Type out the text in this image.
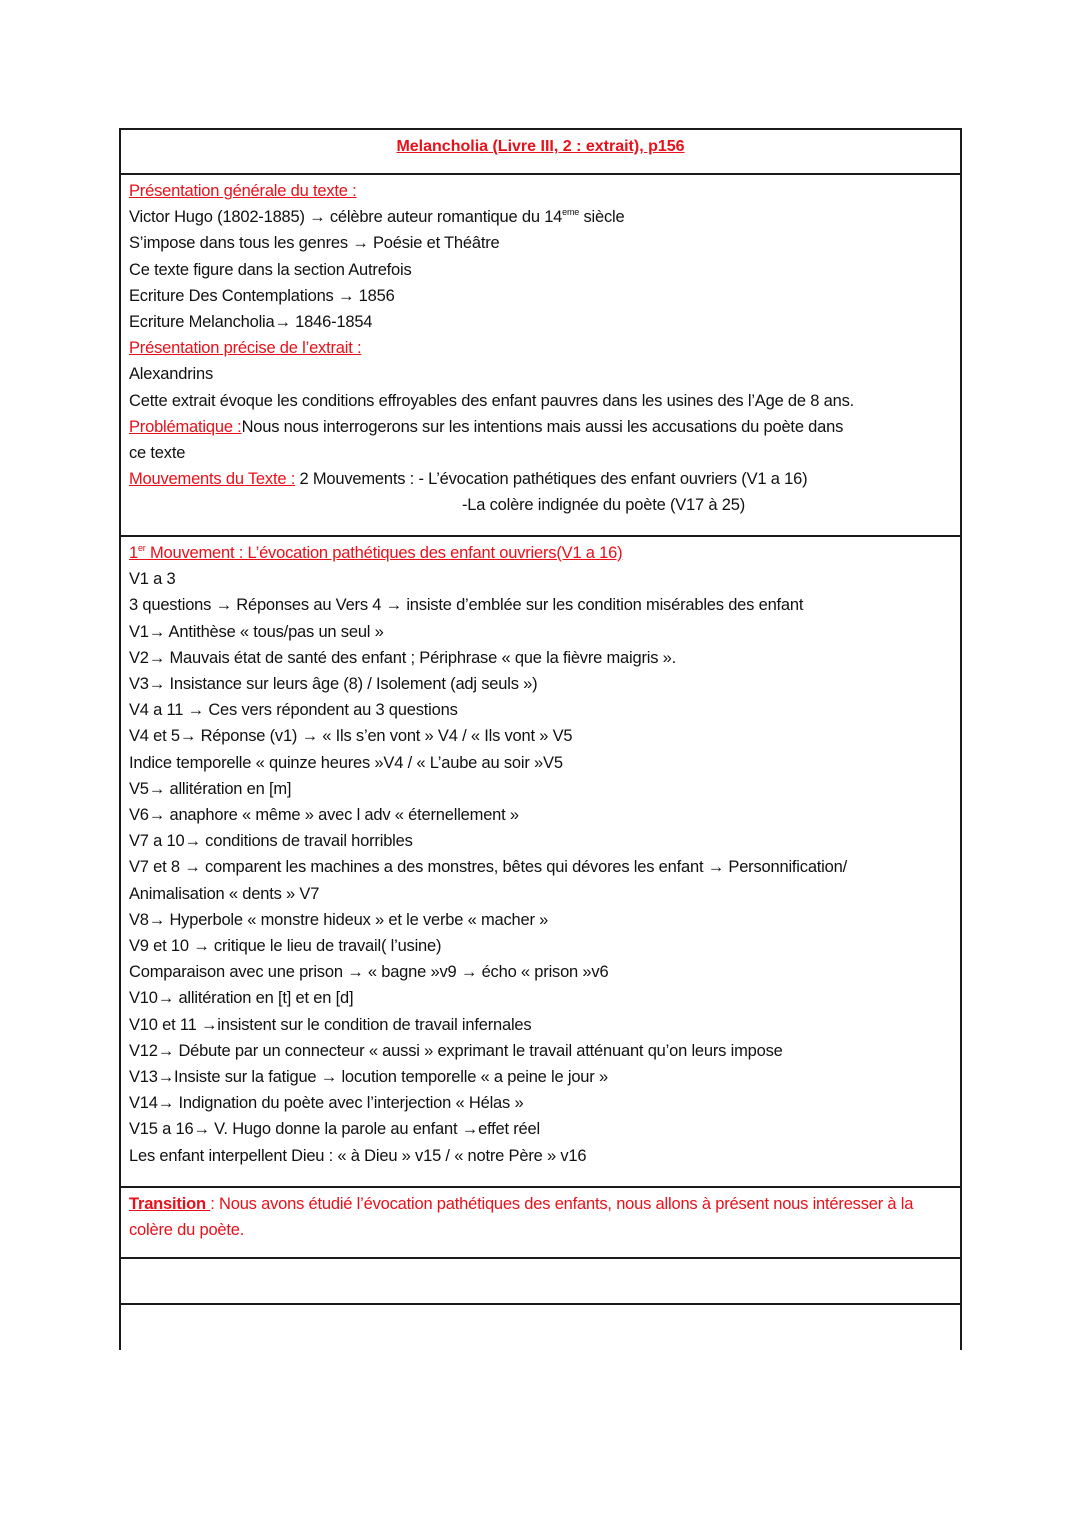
Melancholia (Livre III, 2 : extrait), p156
Présentation générale du texte :
Victor Hugo (1802-1885) → célèbre auteur romantique du 14eme siècle
S’impose dans tous les genres → Poésie et Théâtre
Ce texte figure dans la section Autrefois
Ecriture Des Contemplations → 1856
Ecriture Melancholia→ 1846-1854
Présentation précise de l’extrait :
Alexandrins
Cette extrait évoque les conditions effroyables des enfant pauvres dans les usines des l’Age de 8 ans.
Problématique :Nous nous interrogerons sur les intentions mais aussi les accusations du poète dans
ce texte
Mouvements du Texte : 2 Mouvements : - L’évocation pathétiques des enfant ouvriers (V1 a 16)
-La colère indignée du poète (V17 à 25)
1er Mouvement : L’évocation pathétiques des enfant ouvriers(V1 a 16)
V1 a 3
3 questions → Réponses au Vers 4 → insiste d’emblée sur les condition misérables des enfant
V1→ Antithèse « tous/pas un seul »
V2→ Mauvais état de santé des enfant ; Périphrase « que la fièvre maigris ».
V3→ Insistance sur leurs âge (8) / Isolement (adj seuls »)
V4 a 11 → Ces vers répondent au 3 questions
V4 et 5→ Réponse (v1) → « Ils s’en vont » V4 / « Ils vont » V5
Indice temporelle « quinze heures »V4 / « L’aube au soir »V5
V5→ allitération en [m]
V6→ anaphore « même » avec l adv « éternellement »
V7 a 10→ conditions de travail horribles
V7 et 8 → comparent les machines a des monstres, bêtes qui dévores les enfant → Personnification/
Animalisation « dents » V7
V8→ Hyperbole « monstre hideux » et le verbe « macher »
V9 et 10 → critique le lieu de travail( l’usine)
Comparaison avec une prison → « bagne »v9 → écho « prison »v6
V10→ allitération en [t] et en [d]
V10 et 11 →insistent sur le condition de travail infernales
V12→ Débute par un connecteur « aussi » exprimant le travail atténuant qu’on leurs impose
V13→Insiste sur la fatigue → locution temporelle « a peine le jour »
V14→ Indignation du poète avec l’interjection « Hélas »
V15 a 16→ V. Hugo donne la parole au enfant →effet réel
Les enfant interpellent Dieu : « à Dieu » v15 / « notre Père » v16
Transition : Nous avons étudié l’évocation pathétiques des enfants, nous allons à présent nous intéresser à la colère du poète.
